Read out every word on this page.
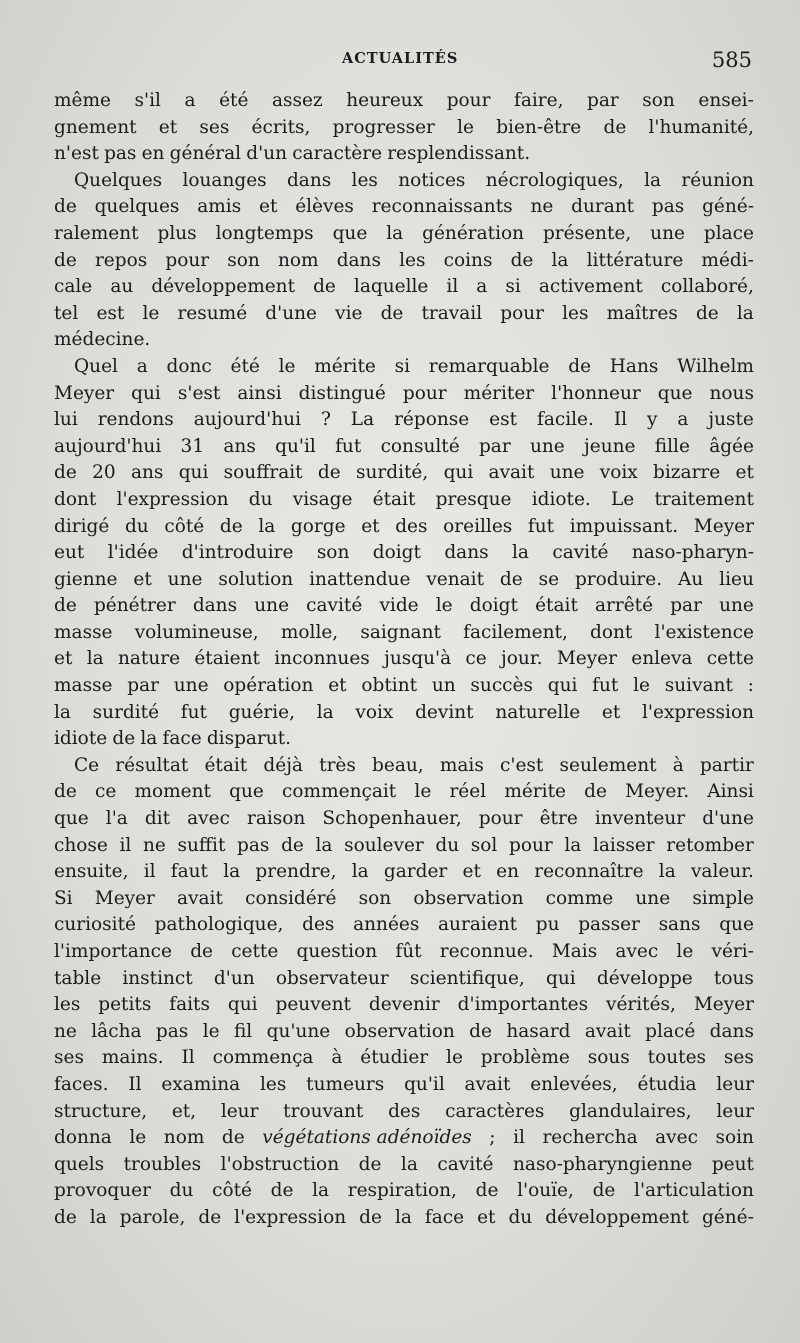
ACTUALITÉS	585
même s'il a été assez heureux pour faire, par son ensei-
gnement et ses écrits, progresser le bien-être de l'humanité,
n'est pas en général d'un caractère resplendissant.
Quelques louanges dans les notices nécrologiques, la réunion
de quelques amis et élèves reconnaissants ne durant pas géné-
ralement plus longtemps que la génération présente, une place
de repos pour son nom dans les coins de la littérature médi-
cale au développement de laquelle il a si activement collaboré,
tel est le resumé d'une vie de travail pour les maîtres de la
médecine.
Quel a donc été le mérite si remarquable de Hans Wilhelm
Meyer qui s'est ainsi distingué pour mériter l'honneur que nous
lui rendons aujourd'hui ? La réponse est facile. Il y a juste
aujourd'hui 31 ans qu'il fut consulté par une jeune fille âgée
de 20 ans qui souffrait de surdité, qui avait une voix bizarre et
dont l'expression du visage était presque idiote. Le traitement
dirigé du côté de la gorge et des oreilles fut impuissant. Meyer
eut l'idée d'introduire son doigt dans la cavité naso-pharyn-
gienne et une solution inattendue venait de se produire. Au lieu
de pénétrer dans une cavité vide le doigt était arrêté par une
masse volumineuse, molle, saignant facilement, dont l'existence
et la nature étaient inconnues jusqu'à ce jour. Meyer enleva cette
masse par une opération et obtint un succès qui fut le suivant :
la surdité fut guérie, la voix devint naturelle et l'expression
idiote de la face disparut.
Ce résultat était déjà très beau, mais c'est seulement à partir
de ce moment que commençait le réel mérite de Meyer. Ainsi
que l'a dit avec raison Schopenhauer, pour être inventeur d'une
chose il ne suffit pas de la soulever du sol pour la laisser retomber
ensuite, il faut la prendre, la garder et en reconnaître la valeur.
Si Meyer avait considéré son observation comme une simple
curiosité pathologique, des années auraient pu passer sans que
l'importance de cette question fût reconnue. Mais avec le véri-
table instinct d'un observateur scientifique, qui développe tous
les petits faits qui peuvent devenir d'importantes vérités, Meyer
ne lâcha pas le fil qu'une observation de hasard avait placé dans
ses mains. Il commença à étudier le problème sous toutes ses
faces. Il examina les tumeurs qu'il avait enlevées, étudia leur
structure, et, leur trouvant des caractères glandulaires, leur
donna le nom de végétations adénoïdes ; il rechercha avec soin
quels troubles l'obstruction de la cavité naso-pharyngienne peut
provoquer du côté de la respiration, de l'ouïe, de l'articulation
de la parole, de l'expression de la face et du développement géné-
